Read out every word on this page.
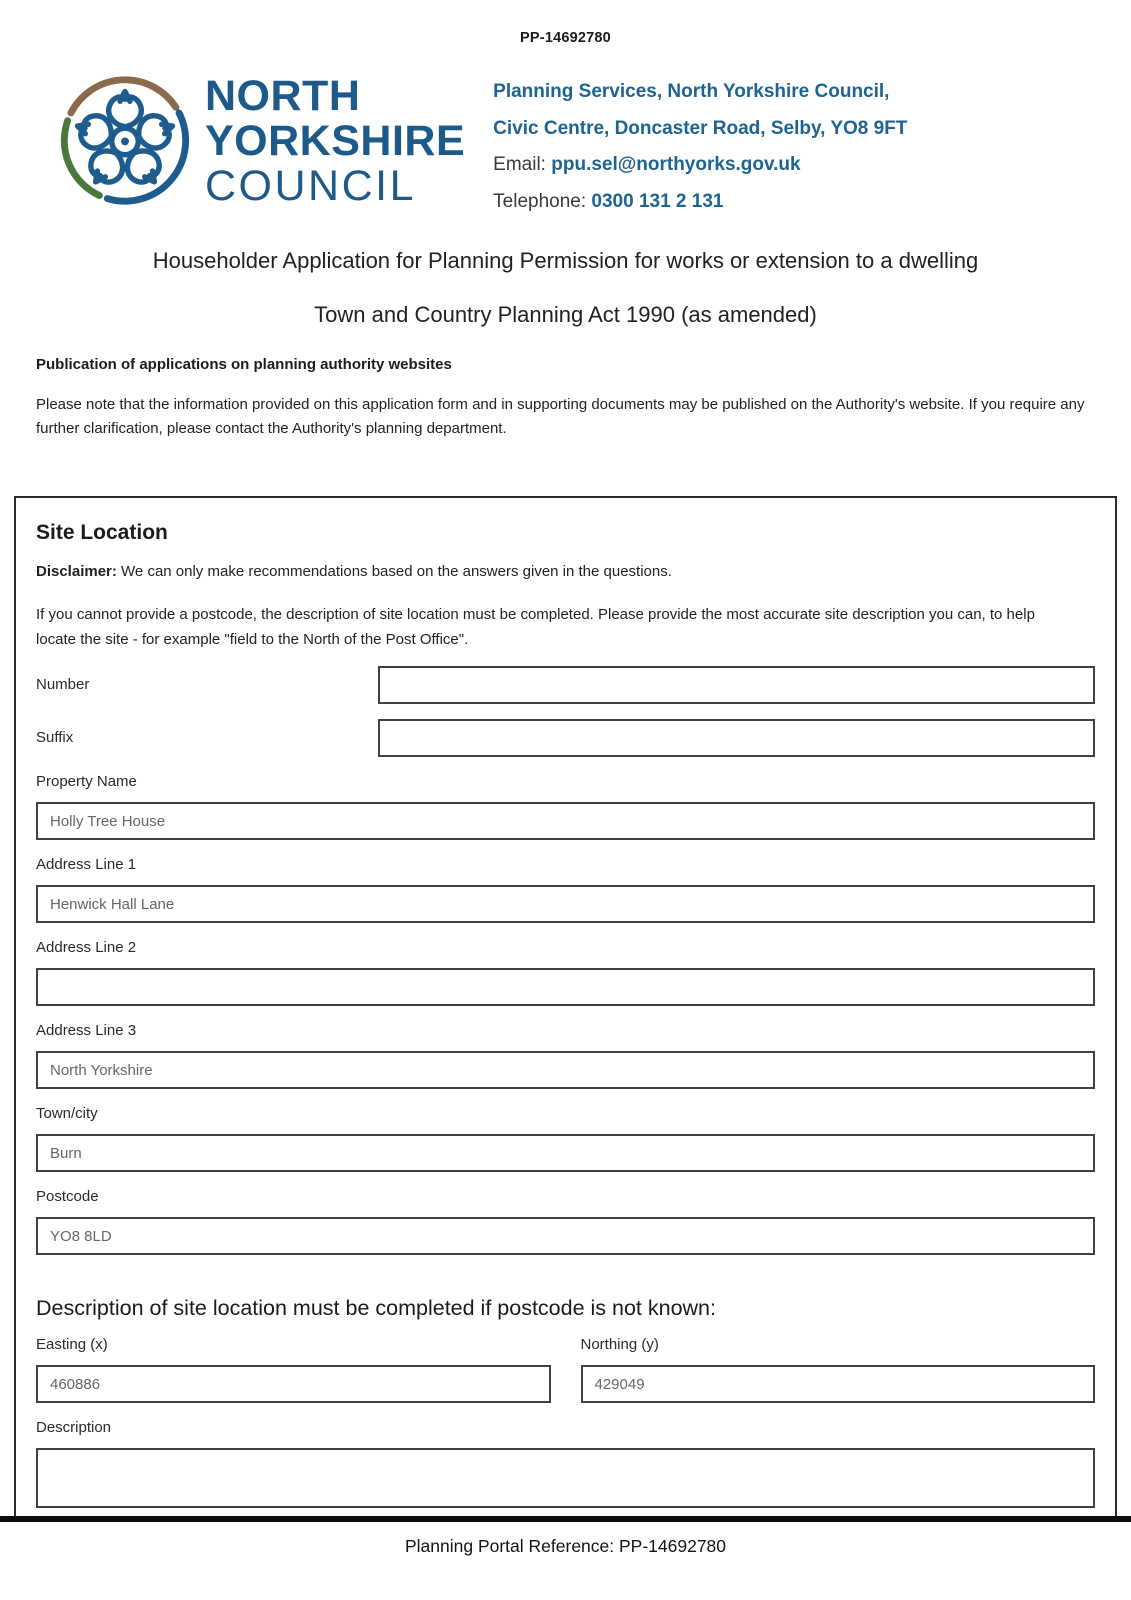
PP-14692780
NORTH
YORKSHIRE
COUNCIL
Planning Services, North Yorkshire Council,
Civic Centre, Doncaster Road, Selby, YO8 9FT
Email: ppu.sel@northyorks.gov.uk
Telephone: 0300 131 2 131
Householder Application for Planning Permission for works or extension to a dwelling
Town and Country Planning Act 1990 (as amended)
Publication of applications on planning authority websites

Please note that the information provided on this application form and in supporting documents may be published on the Authority's website. If you require any further clarification, please contact the Authority's planning department.

Site Location

Disclaimer: We can only make recommendations based on the answers given in the questions.

If you cannot provide a postcode, the description of site location must be completed. Please provide the most accurate site description you can, to help locate the site - for example "field to the North of the Post Office".

Number
Suffix
Property Name
Holly Tree House
Address Line 1
Henwick Hall Lane
Address Line 2
Address Line 3
North Yorkshire
Town/city
Burn
Postcode
YO8 8LD
Description of site location must be completed if postcode is not known:
Easting (x)
460886	Northing (y)
429049
Description
Planning Portal Reference: PP-14692780
